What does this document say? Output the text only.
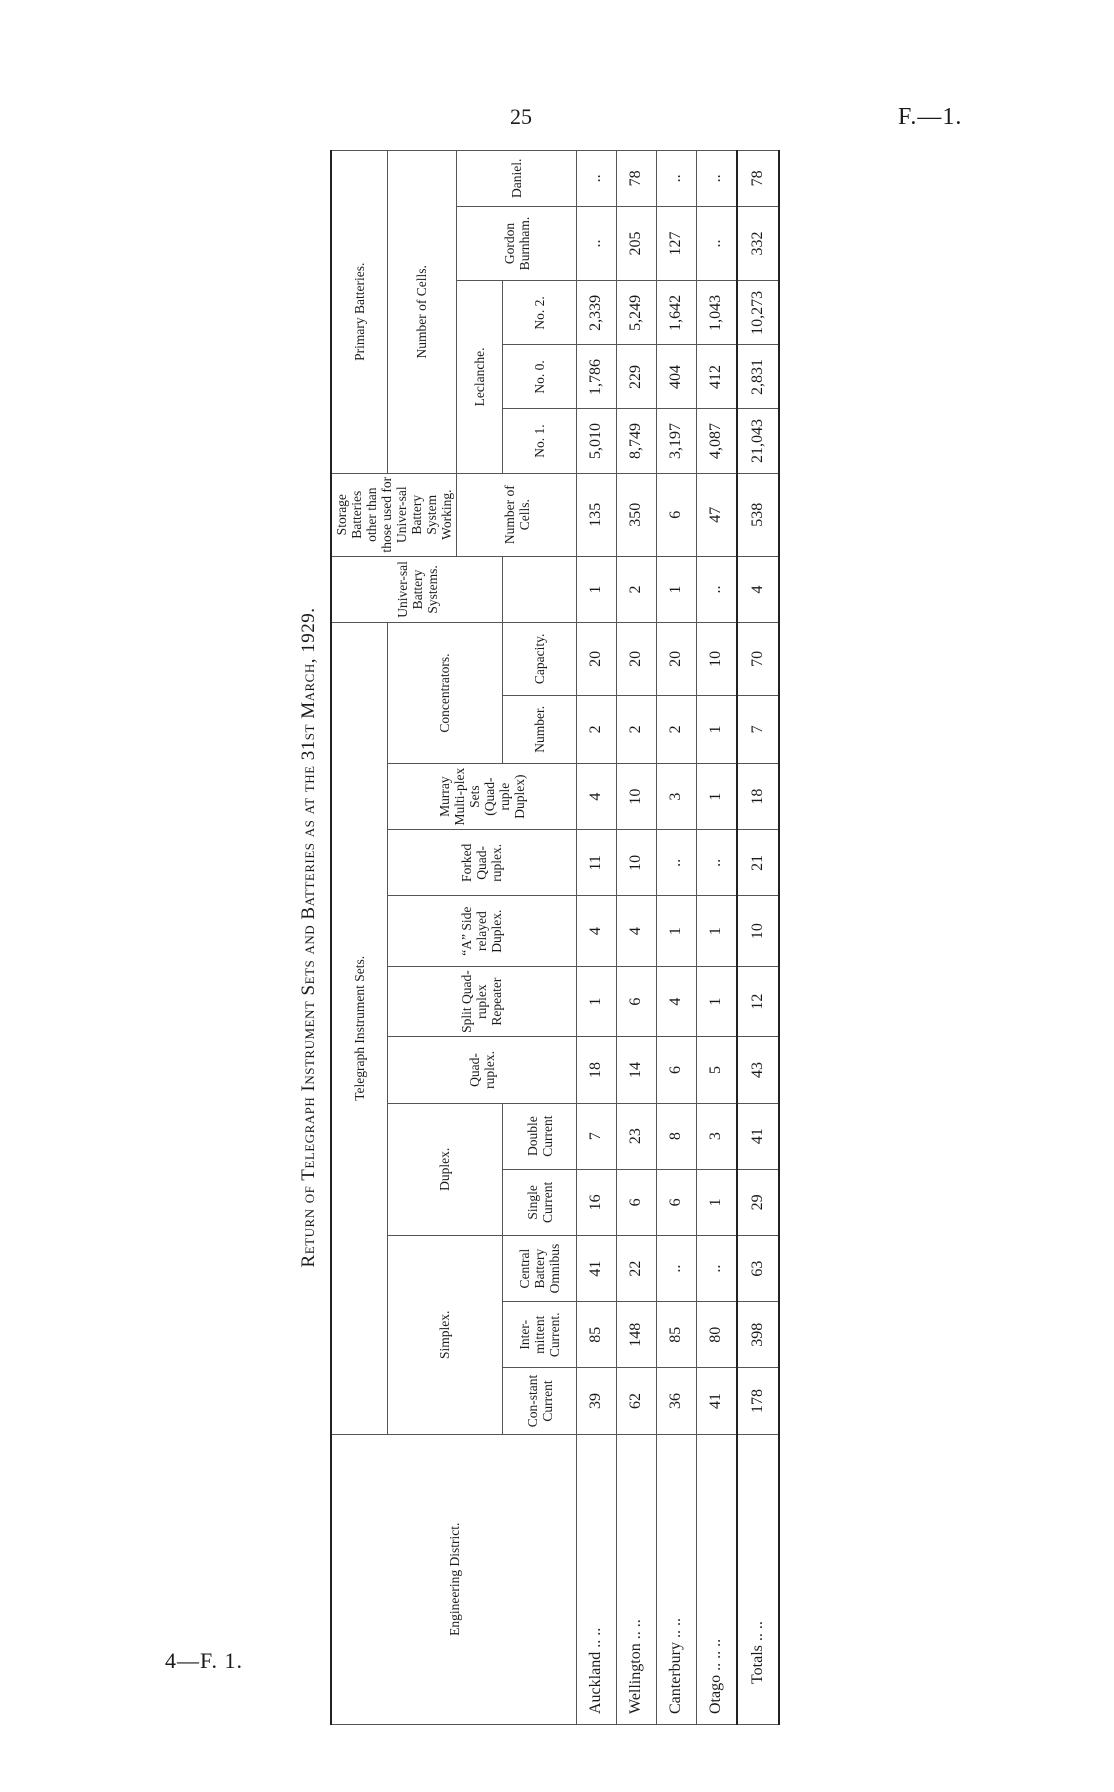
25	F.—1.
4—F. 1.
Return of Telegraph Instrument Sets and Batteries as at the 31st March, 1929.
Engineering District.	Telegraph Instrument Sets.												Univer-sal Battery Systems.	Storage Batteries other than those used for Univer-sal Battery System Working.	Primary Batteries.				
	Simplex.			Duplex.		Quad-ruplex.	Split Quad-ruplex Repeater	“A” Side relayed Duplex.	Forked Quad-ruplex.	Murray Multi-plex Sets (Quad-ruple Duplex)	Concentrators.				Number of Cells.				
														Number of Cells.	Leclanche.			Gordon Burnham.	Daniel.
	Con-stant Current	Inter-mittent Current.	Central Battery Omnibus	Single Current	Double Current						Number.	Capacity.			No. 1.	No. 0.	No. 2.		
Auckland .. ..	39	85	41	16	7	18	1	4	11	4	2	20	1	135	5,010	1,786	2,339	..	..
Wellington .. ..	62	148	22	6	23	14	6	4	10	10	2	20	2	350	8,749	229	5,249	205	78
Canterbury .. ..	36	85	..	6	8	6	4	1	..	3	2	20	1	6	3,197	404	1,642	127	..
Otago .. .. ..	41	80	..	1	3	5	1	1	..	1	1	10	..	47	4,087	412	1,043	..	..
Totals .. ..	178	398	63	29	41	43	12	10	21	18	7	70	4	538	21,043	2,831	10,273	332	78
